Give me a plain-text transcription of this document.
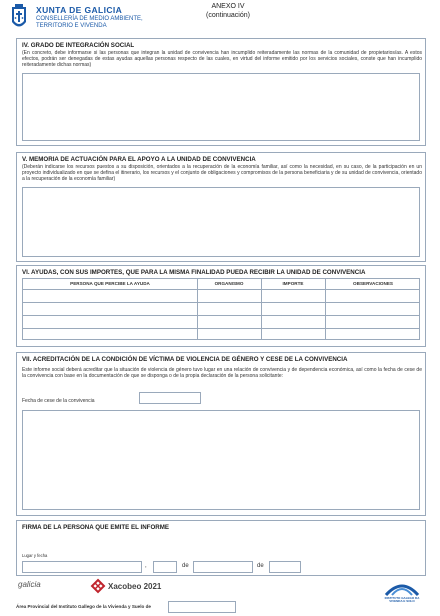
XUNTA DE GALICIA
CONSELLERÍA DE MEDIO AMBIENTE,
TERRITORIO E VIVENDA
ANEXO IV
(continuación)
IV. GRADO DE INTEGRACIÓN SOCIAL
(En concreto, debe informarse si las personas que integran la unidad de convivencia han incumplido reiteradamente las normas de la comunidad de propietarios/as. A estos efectos, podrán ser denegadas de estas ayudas aquellas personas respecto de las cuales, en virtud del informe emitido por los servicios sociales, conste que han incumplido reiteradamente dichas normas)
V. MEMORIA DE ACTUACIÓN PARA EL APOYO A LA UNIDAD DE CONVIVENCIA
(Deberán indicarse los recursos puestos a su disposición, orientados a la recuperación de la economía familiar, así como la necesidad, en su caso, de la participación en un proyecto individualizado en que se defina el itinerario, los recursos y el conjunto de obligaciones y compromisos de la persona beneficiaria y de su unidad de convivencia, orientado a la recuperación de la economía familiar)
VI. AYUDAS, CON SUS IMPORTES, QUE PARA LA MISMA FINALIDAD PUEDA RECIBIR LA UNIDAD DE CONVIVENCIA
PERSONA QUE PERCIBE LA AYUDA	ORGANISMO	IMPORTE	OBSERVACIONES
VII. ACREDITACIÓN DE LA CONDICIÓN DE VÍCTIMA DE VIOLENCIA DE GÉNERO Y CESE DE LA CONVIVENCIA
Este informe social deberá acreditar que la situación de violencia de género tuvo lugar en una relación de convivencia y de dependencia económica, así como la fecha de cese de la convivencia con base en la documentación de que se disponga o de la propia declaración de la persona solicitante:
Fecha de cese de la convivencia
FIRMA DE LA PERSONA QUE EMITE EL INFORME
Lugar y fecha
,	de	de
galicia	Xacobeo 2021
INSTITUTO GALEGO DA
VIVENDA E SOLO
Área Provincial del Instituto Gallego de la Vivienda y Suelo de
